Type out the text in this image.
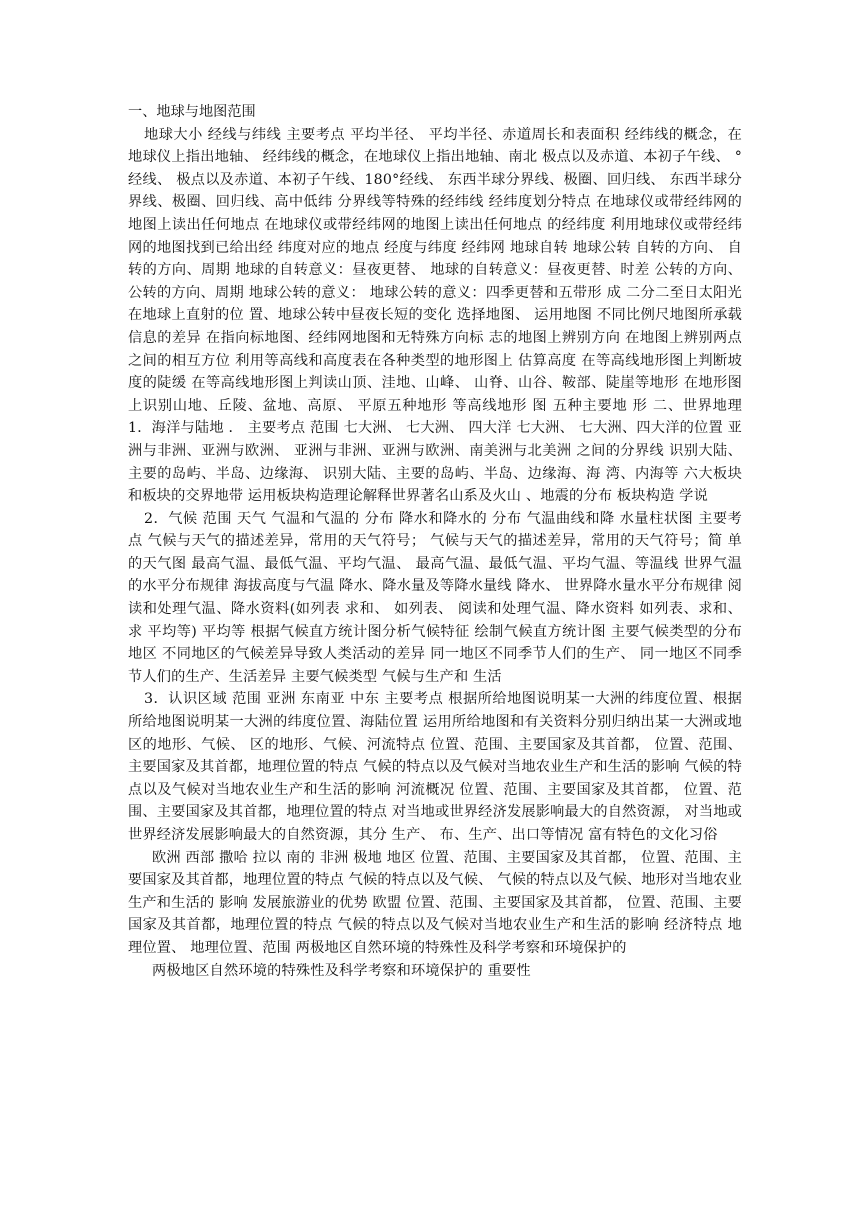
一、地球与地图范围

地球大小 经线与纬线 主要考点 平均半径、 平均半径、赤道周长和表面积 经纬线的概念，在地球仪上指出地轴、 经纬线的概念，在地球仪上指出地轴、南北 极点以及赤道、本初子午线、 °经线、 极点以及赤道、本初子午线、180°经线、 东西半球分界线、极圈、回归线、 东西半球分界线、极圈、回归线、高中低纬 分界线等特殊的经纬线 经纬度划分特点 在地球仪或带经纬网的地图上读出任何地点 在地球仪或带经纬网的地图上读出任何地点 的经纬度 利用地球仪或带经纬网的地图找到已给出经 纬度对应的地点 经度与纬度 经纬网 地球自转 地球公转 自转的方向、 自转的方向、周期 地球的自转意义：昼夜更替、 地球的自转意义：昼夜更替、时差 公转的方向、 公转的方向、周期 地球公转的意义： 地球公转的意义：四季更替和五带形 成 二分二至日太阳光在地球上直射的位 置、地球公转中昼夜长短的变化 选择地图、 运用地图 不同比例尺地图所承载信息的差异 在指向标地图、经纬网地图和无特殊方向标 志的地图上辨别方向 在地图上辨别两点之间的相互方位 利用等高线和高度表在各种类型的地形图上 估算高度 在等高线地形图上判断坡度的陡缓 在等高线地形图上判读山顶、洼地、山峰、 山脊、山谷、鞍部、陡崖等地形 在地形图上识别山地、丘陵、盆地、高原、 平原五种地形 等高线地形 图 五种主要地 形 二、世界地理 1．海洋与陆地 ． 主要考点 范围 七大洲、 七大洲、 四大洋 七大洲、 七大洲、四大洋的位置 亚洲与非洲、亚洲与欧洲、 亚洲与非洲、亚洲与欧洲、南美洲与北美洲 之间的分界线 识别大陆、主要的岛屿、半岛、边缘海、 识别大陆、主要的岛屿、半岛、边缘海、海 湾、内海等 六大板块和板块的交界地带 运用板块构造理论解释世界著名山系及火山 、地震的分布 板块构造 学说

2．气候 范围 天气 气温和气温的 分布 降水和降水的 分布 气温曲线和降 水量柱状图 主要考点 气候与天气的描述差异，常用的天气符号； 气候与天气的描述差异，常用的天气符号；简 单的天气图 最高气温、最低气温、平均气温、 最高气温、最低气温、平均气温、等温线 世界气温的水平分布规律 海拔高度与气温 降水、降水量及等降水量线 降水、 世界降水量水平分布规律 阅读和处理气温、降水资料(如列表 求和、 如列表、 阅读和处理气温、降水资料 如列表、求和、求 平均等) 平均等 根据气候直方统计图分析气候特征 绘制气候直方统计图 主要气候类型的分布地区 不同地区的气候差异导致人类活动的差异 同一地区不同季节人们的生产、 同一地区不同季节人们的生产、生活差异 主要气候类型 气候与生产和 生活

3．认识区域 范围 亚洲 东南亚 中东 主要考点 根据所给地图说明某一大洲的纬度位置、根据所给地图说明某一大洲的纬度位置、海陆位置 运用所给地图和有关资料分别归纳出某一大洲或地 区的地形、气候、 区的地形、气候、河流特点 位置、范围、主要国家及其首都， 位置、范围、主要国家及其首都，地理位置的特点 气候的特点以及气候对当地农业生产和生活的影响 气候的特点以及气候对当地农业生产和生活的影响 河流概况 位置、范围、主要国家及其首都， 位置、范围、主要国家及其首都，地理位置的特点 对当地或世界经济发展影响最大的自然资源， 对当地或世界经济发展影响最大的自然资源，其分 生产、 布、生产、出口等情况 富有特色的文化习俗

欧洲 西部 撒哈 拉以 南的 非洲 极地 地区 位置、范围、主要国家及其首都， 位置、范围、主要国家及其首都，地理位置的特点 气候的特点以及气候、 气候的特点以及气候、地形对当地农业生产和生活的 影响 发展旅游业的优势 欧盟 位置、范围、主要国家及其首都， 位置、范围、主要国家及其首都，地理位置的特点 气候的特点以及气候对当地农业生产和生活的影响 经济特点 地理位置、 地理位置、范围 两极地区自然环境的特殊性及科学考察和环境保护的

两极地区自然环境的特殊性及科学考察和环境保护的 重要性
